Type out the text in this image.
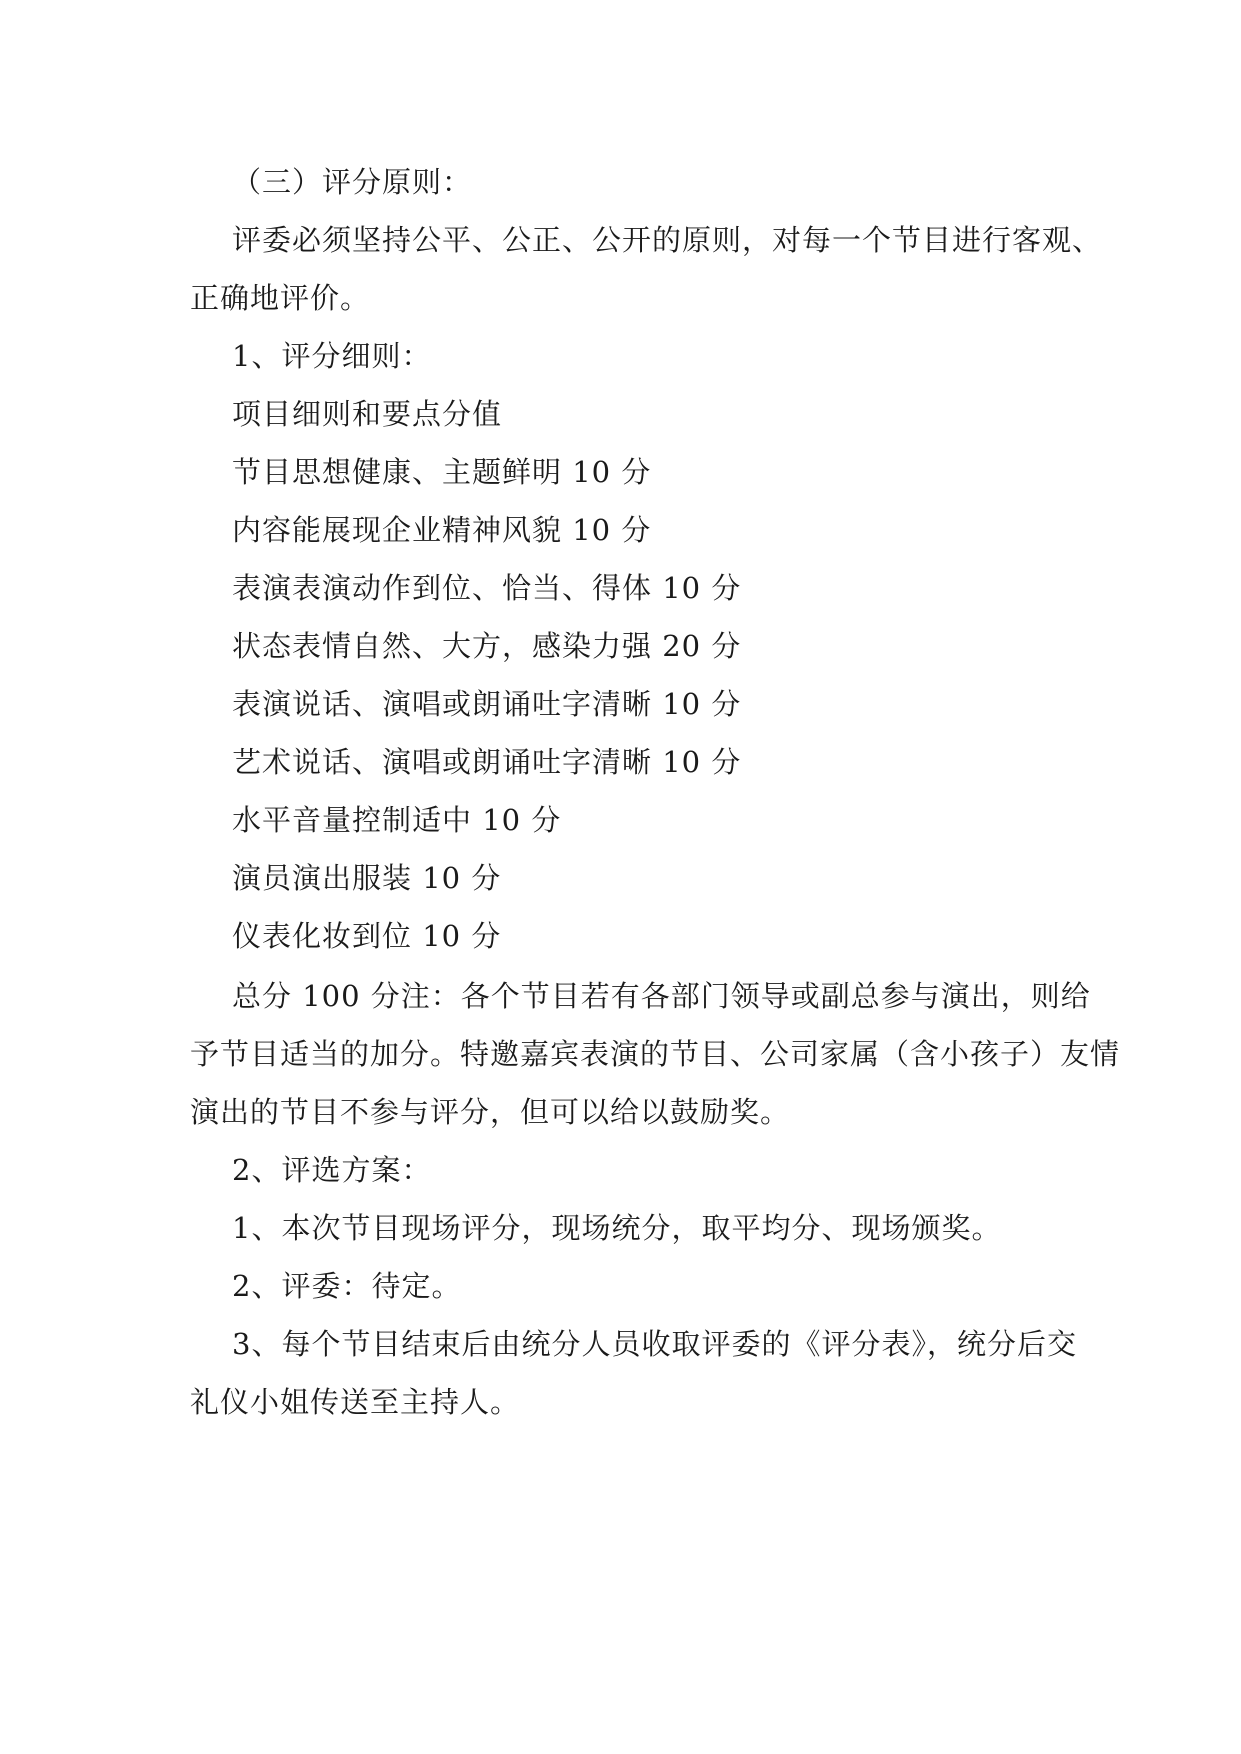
（三）评分原则：
评委必须坚持公平、公正、公开的原则，对每一个节目进行客观、
正确地评价。
1、评分细则：
项目细则和要点分值
节目思想健康、主题鲜明 10 分
内容能展现企业精神风貌 10 分
表演表演动作到位、恰当、得体 10 分
状态表情自然、大方，感染力强 20 分
表演说话、演唱或朗诵吐字清晰 10 分
艺术说话、演唱或朗诵吐字清晰 10 分
水平音量控制适中 10 分
演员演出服装 10 分
仪表化妆到位 10 分
总分 100 分注：各个节目若有各部门领导或副总参与演出，则给
予节目适当的加分。特邀嘉宾表演的节目、公司家属（含小孩子）友情
演出的节目不参与评分，但可以给以鼓励奖。
2、评选方案：
1、本次节目现场评分，现场统分，取平均分、现场颁奖。
2、评委：待定。
3、每个节目结束后由统分人员收取评委的《评分表》，统分后交
礼仪小姐传送至主持人。
